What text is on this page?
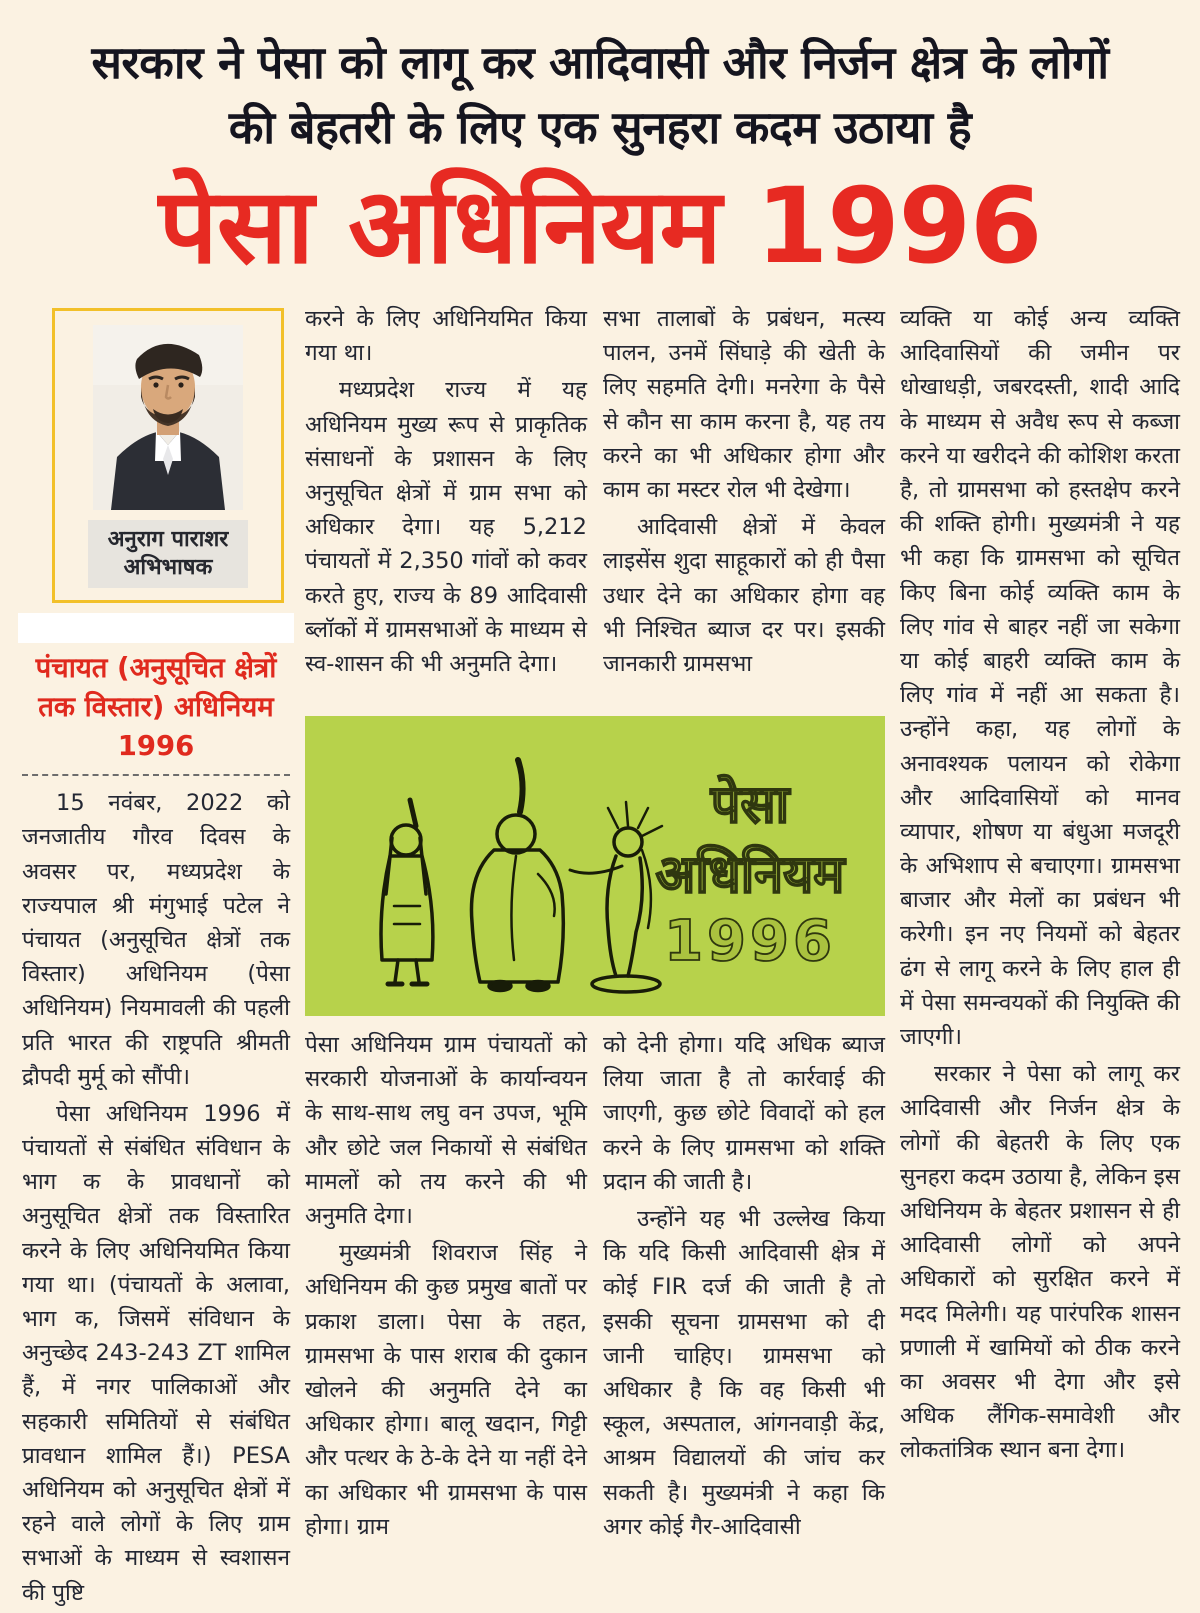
सरकार ने पेसा को लागू कर आदिवासी और निर्जन क्षेत्र के लोगों
की बेहतरी के लिए एक सुनहरा कदम उठाया है
पेसा अधिनियम 1996
अनुराग पाराशर
अभिभाषक
पंचायत (अनुसूचित क्षेत्रों तक विस्तार) अधिनियम 1996

15 नवंबर, 2022 को जनजातीय गौरव दिवस के अवसर पर, मध्यप्रदेश के राज्यपाल श्री मंगुभाई पटेल ने पंचायत (अनुसूचित क्षेत्रों तक विस्तार) अधिनियम (पेसा अधिनियम) नियमावली की पहली प्रति भारत की राष्ट्रपति श्रीमती द्रौपदी मुर्मू को सौंपी।

पेसा अधिनियम 1996 में पंचायतों से संबंधित संविधान के भाग क के प्रावधानों को अनुसूचित क्षेत्रों तक विस्तारित करने के लिए अधिनियमित किया गया था। (पंचायतों के अलावा, भाग क, जिसमें संविधान के अनुच्छेद 243-243 ZT शामिल हैं, में नगर पालिकाओं और सहकारी समितियों से संबंधित प्रावधान शामिल हैं।) PESA अधिनियम को अनुसूचित क्षेत्रों में रहने वाले लोगों के लिए ग्राम सभाओं के माध्यम से स्वशासन की पुष्टि

करने के लिए अधिनियमित किया गया था।

मध्यप्रदेश राज्य में यह अधिनियम मुख्य रूप से प्राकृतिक संसाधनों के प्रशासन के लिए अनुसूचित क्षेत्रों में ग्राम सभा को अधिकार देगा। यह 5,212 पंचायतों में 2,350 गांवों को कवर करते हुए, राज्य के 89 आदिवासी ब्लॉकों में ग्रामसभाओं के माध्यम से स्व-शासन की भी अनुमति देगा।

सभा तालाबों के प्रबंधन, मत्स्य पालन, उनमें सिंघाड़े की खेती के लिए सहमति देगी। मनरेगा के पैसे से कौन सा काम करना है, यह तय करने का भी अधिकार होगा और काम का मस्टर रोल भी देखेगा।

आदिवासी क्षेत्रों में केवल लाइसेंस शुदा साहूकारों को ही पैसा उधार देने का अधिकार होगा वह भी निश्चित ब्याज दर पर। इसकी जानकारी ग्रामसभा

पेसा
अधिनियम
1996

पेसा अधिनियम ग्राम पंचायतों को सरकारी योजनाओं के कार्यान्वयन के साथ-साथ लघु वन उपज, भूमि और छोटे जल निकायों से संबंधित मामलों को तय करने की भी अनुमति देगा।

मुख्यमंत्री शिवराज सिंह ने अधिनियम की कुछ प्रमुख बातों पर प्रकाश डाला। पेसा के तहत, ग्रामसभा के पास शराब की दुकान खोलने की अनुमति देने का अधिकार होगा। बालू खदान, गिट्टी और पत्थर के ठे-के देने या नहीं देने का अधिकार भी ग्रामसभा के पास होगा। ग्राम

को देनी होगा। यदि अधिक ब्याज लिया जाता है तो कार्रवाई की जाएगी, कुछ छोटे विवादों को हल करने के लिए ग्रामसभा को शक्ति प्रदान की जाती है।

उन्होंने यह भी उल्लेख किया कि यदि किसी आदिवासी क्षेत्र में कोई FIR दर्ज की जाती है तो इसकी सूचना ग्रामसभा को दी जानी चाहिए। ग्रामसभा को अधिकार है कि वह किसी भी स्कूल, अस्पताल, आंगनवाड़ी केंद्र, आश्रम विद्यालयों की जांच कर सकती है। मुख्यमंत्री ने कहा कि अगर कोई गैर-आदिवासी

व्यक्ति या कोई अन्य व्यक्ति आदिवासियों की जमीन पर धोखाधड़ी, जबरदस्ती, शादी आदि के माध्यम से अवैध रूप से कब्जा करने या खरीदने की कोशिश करता है, तो ग्रामसभा को हस्तक्षेप करने की शक्ति होगी। मुख्यमंत्री ने यह भी कहा कि ग्रामसभा को सूचित किए बिना कोई व्यक्ति काम के लिए गांव से बाहर नहीं जा सकेगा या कोई बाहरी व्यक्ति काम के लिए गांव में नहीं आ सकता है। उन्होंने कहा, यह लोगों के अनावश्यक पलायन को रोकेगा और आदिवासियों को मानव व्यापार, शोषण या बंधुआ मजदूरी के अभिशाप से बचाएगा। ग्रामसभा बाजार और मेलों का प्रबंधन भी करेगी। इन नए नियमों को बेहतर ढंग से लागू करने के लिए हाल ही में पेसा समन्वयकों की नियुक्ति की जाएगी।

सरकार ने पेसा को लागू कर आदिवासी और निर्जन क्षेत्र के लोगों की बेहतरी के लिए एक सुनहरा कदम उठाया है, लेकिन इस अधिनियम के बेहतर प्रशासन से ही आदिवासी लोगों को अपने अधिकारों को सुरक्षित करने में मदद मिलेगी। यह पारंपरिक शासन प्रणाली में खामियों को ठीक करने का अवसर भी देगा और इसे अधिक लैंगिक-समावेशी और लोकतांत्रिक स्थान बना देगा।
